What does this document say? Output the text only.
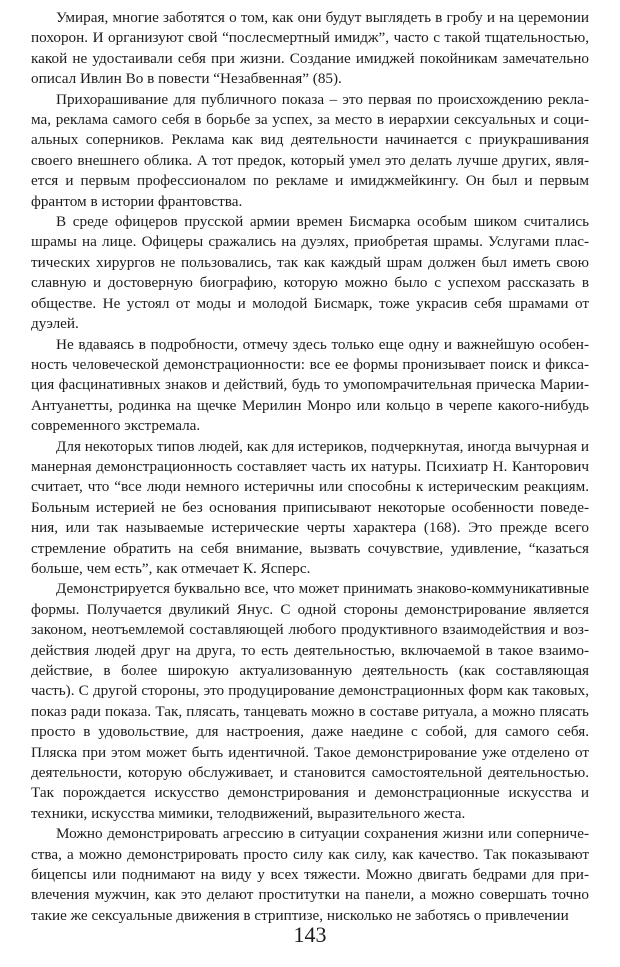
Умирая, многие заботятся о том, как они будут выглядеть в гробу и на церемонии похорон. И организуют свой “послесмертный имидж”, часто с такой тщательностью, какой не удостаивали себя при жизни. Создание имиджей покойникам замечательно описал Ивлин Во в повести “Незабвенная” (85).

Прихорашивание для публичного показа – это первая по происхождению реклама, реклама самого себя в борьбе за успех, за место в иерархии сексуальных и социальных соперников. Реклама как вид деятельности начинается с приукрашивания своего внешнего облика. А тот предок, который умел это делать лучше других, является и первым профессионалом по рекламе и имиджмейкингу. Он был и первым франтом в истории франтовства.

В среде офицеров прусской армии времен Бисмарка особым шиком считались шрамы на лице. Офицеры сражались на дуэлях, приобретая шрамы. Услугами пластических хирургов не пользовались, так как каждый шрам должен был иметь свою славную и достоверную биографию, которую можно было с успехом рассказать в обществе. Не устоял от моды и молодой Бисмарк, тоже украсив себя шрамами от дуэлей.

Не вдаваясь в подробности, отмечу здесь только еще одну и важнейшую особенность человеческой демонстрационности: все ее формы пронизывает поиск и фиксация фасцинативных знаков и действий, будь то умопомрачительная прическа Марии-Антуанетты, родинка на щечке Мерилин Монро или кольцо в черепе какого-нибудь современного экстремала.

Для некоторых типов людей, как для истериков, подчеркнутая, иногда вычурная и манерная демонстрационность составляет часть их натуры. Психиатр Н. Канторович считает, что “все люди немного истеричны или способны к истерическим реакциям. Больным истерией не без основания приписывают некоторые особенности поведения, или так называемые истерические черты характера (168). Это прежде всего стремление обратить на себя внимание, вызвать сочувствие, удивление, “казаться больше, чем есть”, как отмечает К. Ясперс.

Демонстрируется буквально все, что может принимать знаково-коммуникативные формы. Получается двуликий Янус. С одной стороны демонстрирование является законом, неотъемлемой составляющей любого продуктивного взаимодействия и воздействия людей друг на друга, то есть деятельностью, включаемой в такое взаимодействие, в более широкую актуализованную деятельность (как составляющая часть). С другой стороны, это продуцирование демонстрационных форм как таковых, показ ради показа. Так, плясать, танцевать можно в составе ритуала, а можно плясать просто в удовольствие, для настроения, даже наедине с собой, для самого себя. Пляска при этом может быть идентичной. Такое демонстрирование уже отделено от деятельности, которую обслуживает, и становится самостоятельной деятельностью. Так порождается искусство демонстрирования и демонстрационные искусства и техники, искусства мимики, телодвижений, выразительного жеста.

Можно демонстрировать агрессию в ситуации сохранения жизни или соперничества, а можно демонстрировать просто силу как силу, как качество. Так показывают бицепсы или поднимают на виду у всех тяжести. Можно двигать бедрами для привлечения мужчин, как это делают проститутки на панели, а можно совершать точно такие же сексуальные движения в стриптизе, нисколько не заботясь о привлечении

143
